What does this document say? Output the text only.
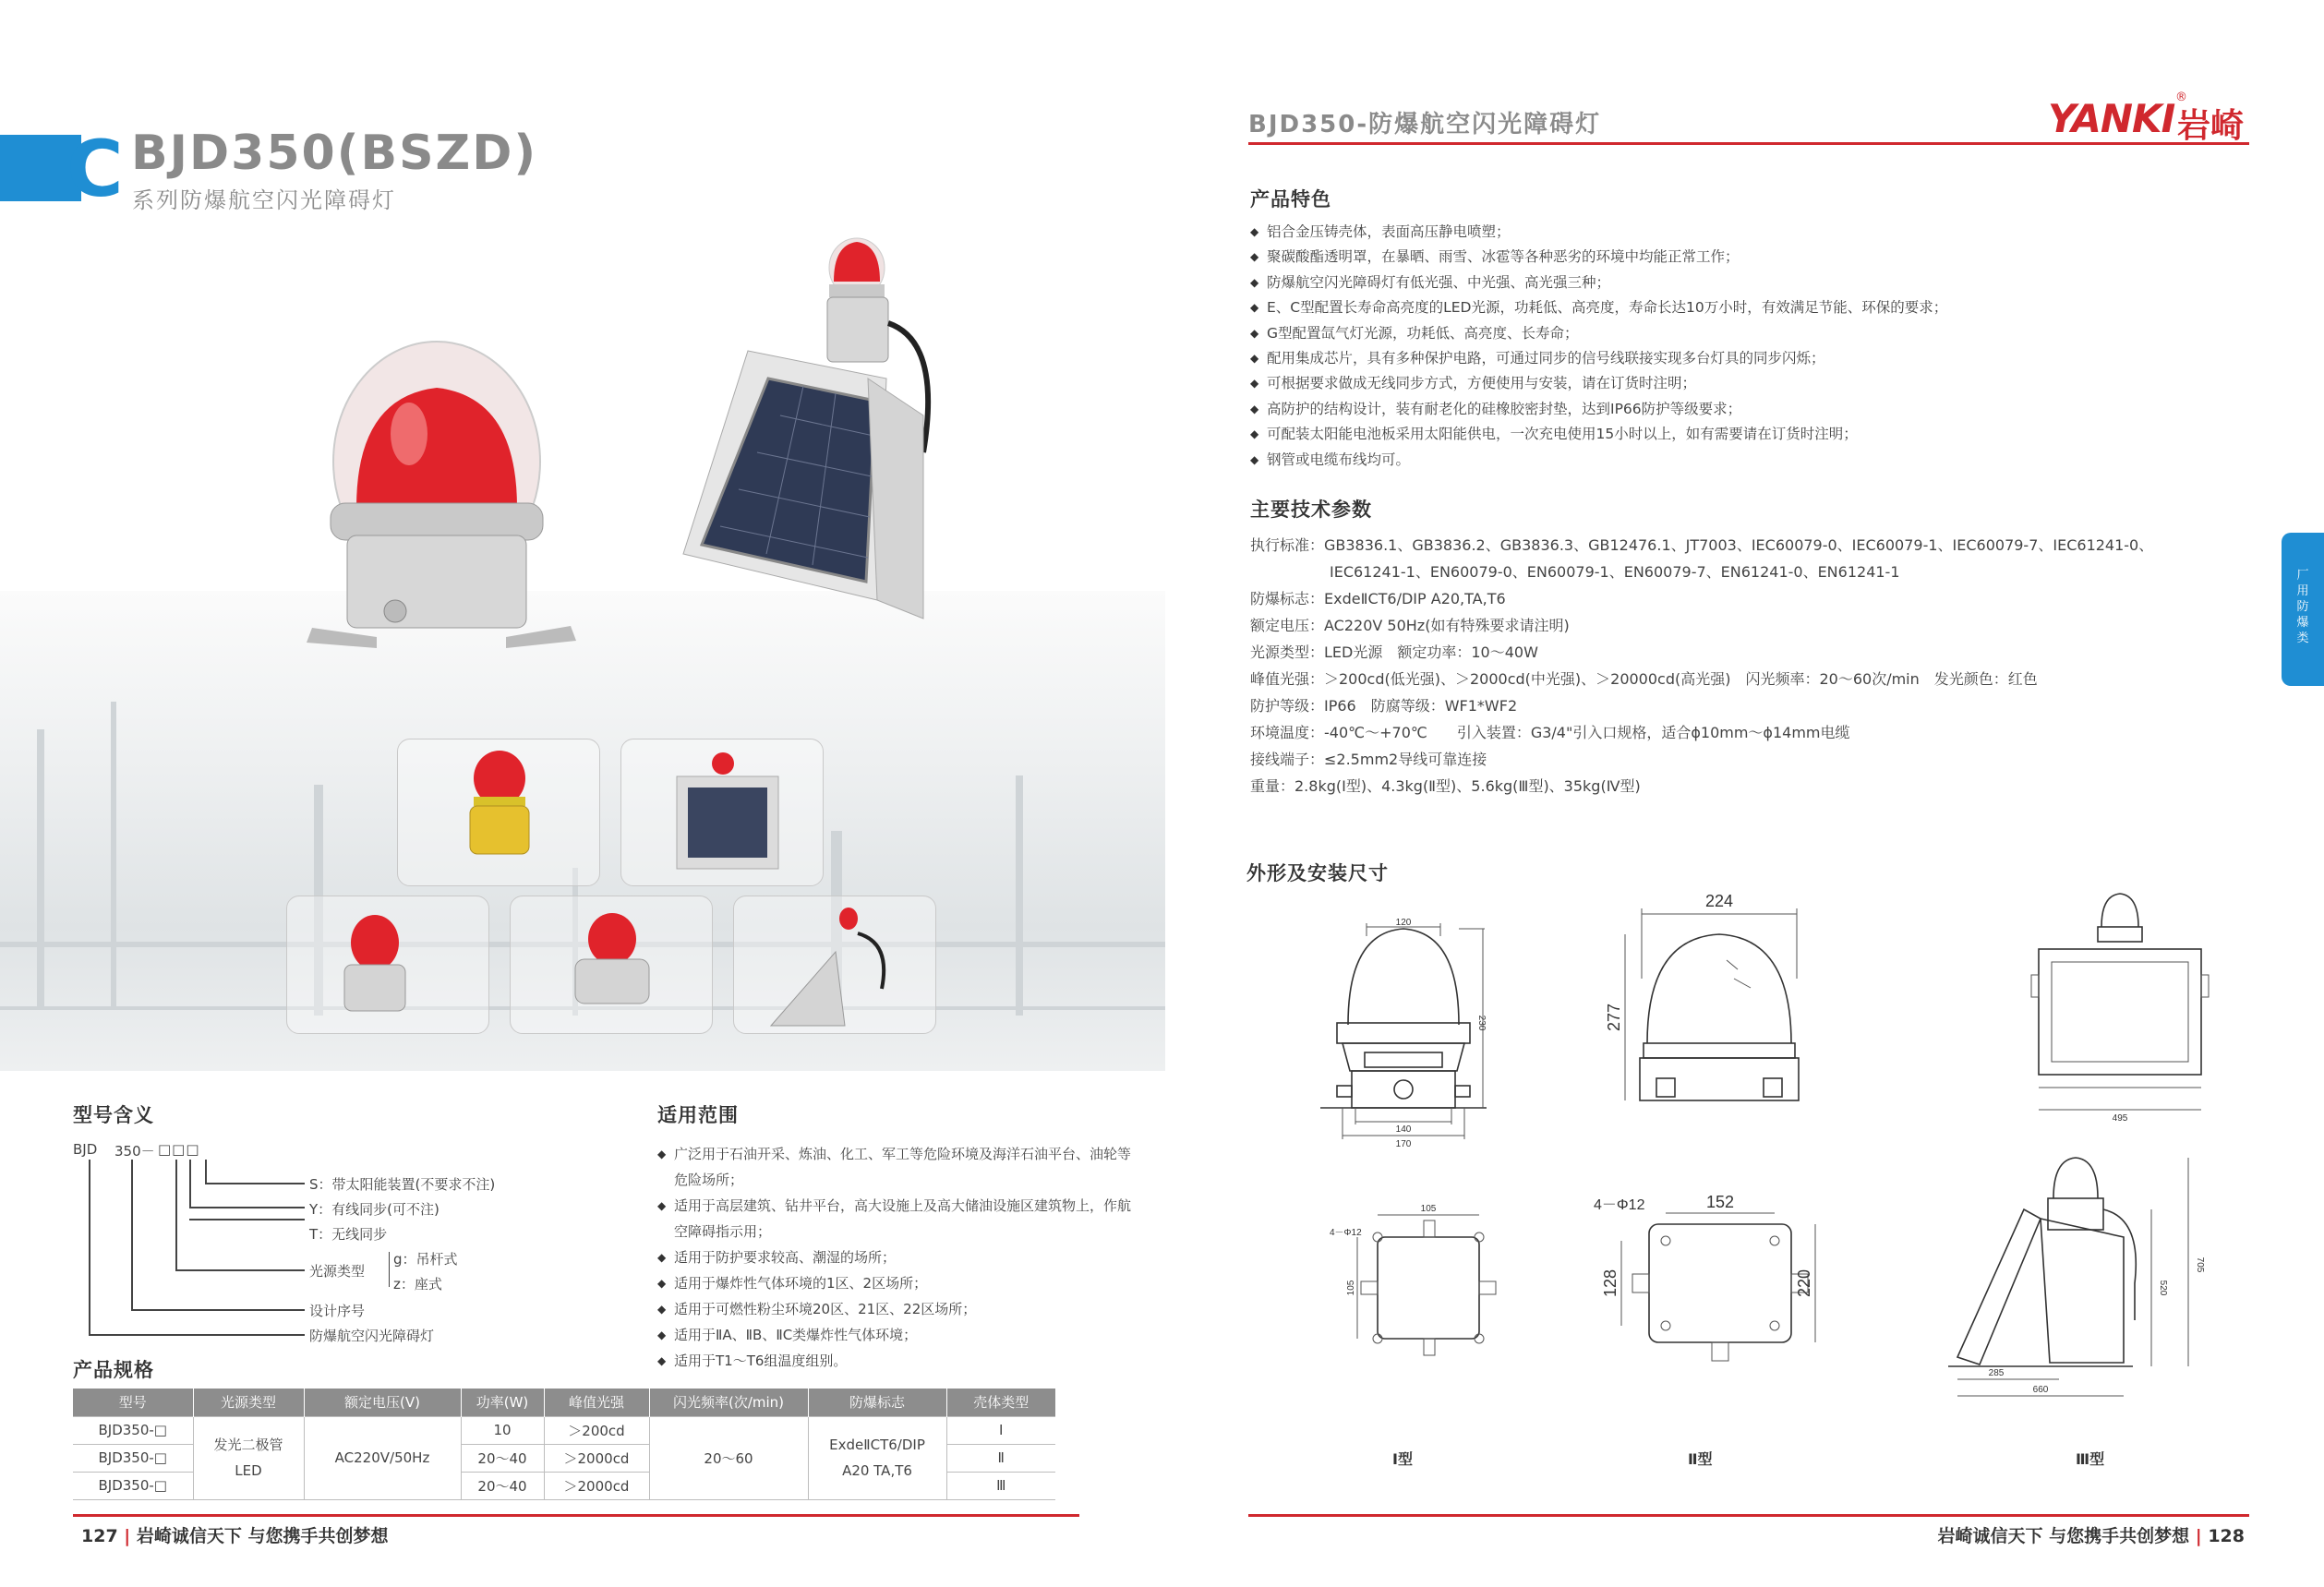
C BJD350(BSZD)
系列防爆航空闪光障碍灯
型号含义
BJD 350－ □□□
S：带太阳能装置(不要求不注)
Y：有线同步(可不注)
T：无线同步
光源类型
g：吊杆式
z：座式
设计序号
防爆航空闪光障碍灯
适用范围
◆ 广泛用于石油开采、炼油、化工、军工等危险环境及海洋石油平台、油轮等危险场所；
◆ 适用于高层建筑、钻井平台，高大设施上及高大储油设施区建筑物上，作航空障碍指示用；
◆ 适用于防护要求较高、潮湿的场所；
◆ 适用于爆炸性气体环境的1区、2区场所；
◆ 适用于可燃性粉尘环境20区、21区、22区场所；
◆ 适用于ⅡA、ⅡB、ⅡC类爆炸性气体环境；
◆ 适用于T1～T6组温度组别。
产品规格
型号	光源类型	额定电压(V)	功率(W)	峰值光强	闪光频率(次/min)	防爆标志	壳体类型
BJD350-□	发光二极管LED	AC220V/50Hz	10	＞200cd	20～60	ExdeⅡCT6/DIP A20 TA,T6	Ⅰ
BJD350-□			20～40	＞2000cd			Ⅱ
BJD350-□			20～40	＞2000cd			Ⅲ
127 | 岩崎诚信天下 与您携手共创梦想
BJD350-防爆航空闪光障碍灯	YANKI ®
岩崎
产品特色
◆ 铝合金压铸壳体，表面高压静电喷塑；
◆ 聚碳酸酯透明罩，在暴晒、雨雪、冰雹等各种恶劣的环境中均能正常工作；
◆ 防爆航空闪光障碍灯有低光强、中光强、高光强三种；
◆ E、C型配置长寿命高亮度的LED光源，功耗低、高亮度，寿命长达10万小时，有效满足节能、环保的要求；
◆ G型配置氙气灯光源，功耗低、高亮度、长寿命；
◆ 配用集成芯片，具有多种保护电路，可通过同步的信号线联接实现多台灯具的同步闪烁；
◆ 可根据要求做成无线同步方式，方便使用与安装，请在订货时注明；
◆ 高防护的结构设计，装有耐老化的硅橡胶密封垫，达到IP66防护等级要求；
◆ 可配装太阳能电池板采用太阳能供电，一次充电使用15小时以上，如有需要请在订货时注明；
◆ 钢管或电缆布线均可。
主要技术参数
执行标准：GB3836.1、GB3836.2、GB3836.3、GB12476.1、JT7003、IEC60079-0、IEC60079-1、IEC60079-7、IEC61241-0、
IEC61241-1、EN60079-0、EN60079-1、EN60079-7、EN61241-0、EN61241-1
防爆标志：ExdeⅡCT6/DIP A20,TA,T6
额定电压：AC220V 50Hz(如有特殊要求请注明)
光源类型：LED光源　额定功率：10～40W
峰值光强：＞200cd(低光强)、＞2000cd(中光强)、＞20000cd(高光强)　闪光频率：20～60次/min　发光颜色：红色
防护等级：IP66　防腐等级：WF1*WF2
环境温度：-40℃～+70℃　　引入装置：G3/4"引入口规格，适合ϕ10mm～ϕ14mm电缆
接线端子：≤2.5mm2导线可靠连接
重量：2.8kg(Ⅰ型)、4.3kg(Ⅱ型)、5.6kg(Ⅲ型)、35kg(Ⅳ型)
厂用防爆类
外形及安装尺寸
120
230
140
170
105
105
4－Φ12
224
277
152
128	220
4－Φ12
495
285
660
520
705
Ⅰ型	Ⅱ型	Ⅲ型
岩崎诚信天下 与您携手共创梦想 | 128
